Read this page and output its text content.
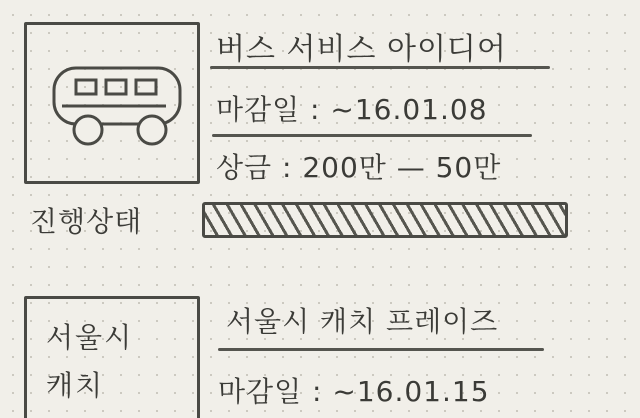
버스 서비스 아이디어
마감일 : ~16.01.08
상금 : 200만 — 50만
진행상태
서울시
캐치
서울시 캐치 프레이즈
마감일 : ~16.01.15
